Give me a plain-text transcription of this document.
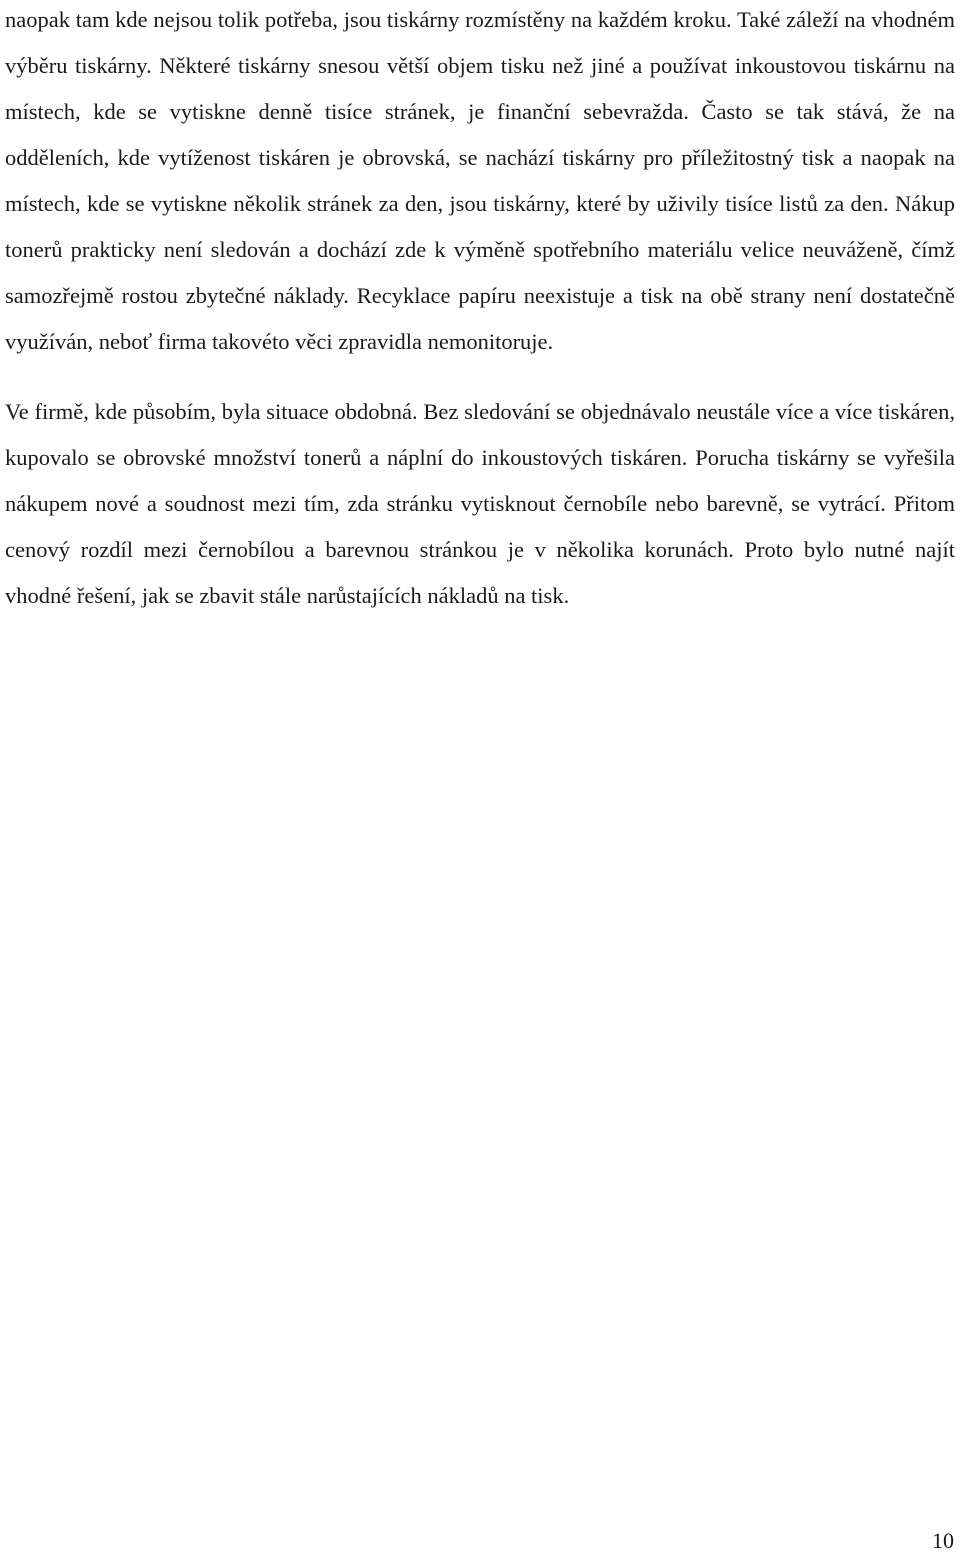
naopak tam kde nejsou tolik potřeba, jsou tiskárny rozmístěny na každém kroku. Také záleží na vhodném výběru tiskárny. Některé tiskárny snesou větší objem tisku než jiné a používat inkoustovou tiskárnu na místech, kde se vytiskne denně tisíce stránek, je finanční sebevražda. Často se tak stává, že na odděleních, kde vytíženost tiskáren je obrovská, se nachází tiskárny pro příležitostný tisk a naopak na místech, kde se vytiskne několik stránek za den, jsou tiskárny, které by uživily tisíce listů za den. Nákup tonerů prakticky není sledován a dochází zde k výměně spotřebního materiálu velice neuváženě, čímž samozřejmě rostou zbytečné náklady. Recyklace papíru neexistuje a tisk na obě strany není dostatečně využíván, neboť firma takovéto věci zpravidla nemonitoruje.

Ve firmě, kde působím, byla situace obdobná. Bez sledování se objednávalo neustále více a více tiskáren, kupovalo se obrovské množství tonerů a náplní do inkoustových tiskáren. Porucha tiskárny se vyřešila nákupem nové a soudnost mezi tím, zda stránku vytisknout černobíle nebo barevně, se vytrácí. Přitom cenový rozdíl mezi černobílou a barevnou stránkou je v několika korunách. Proto bylo nutné najít vhodné řešení, jak se zbavit stále narůstajících nákladů na tisk.

10
